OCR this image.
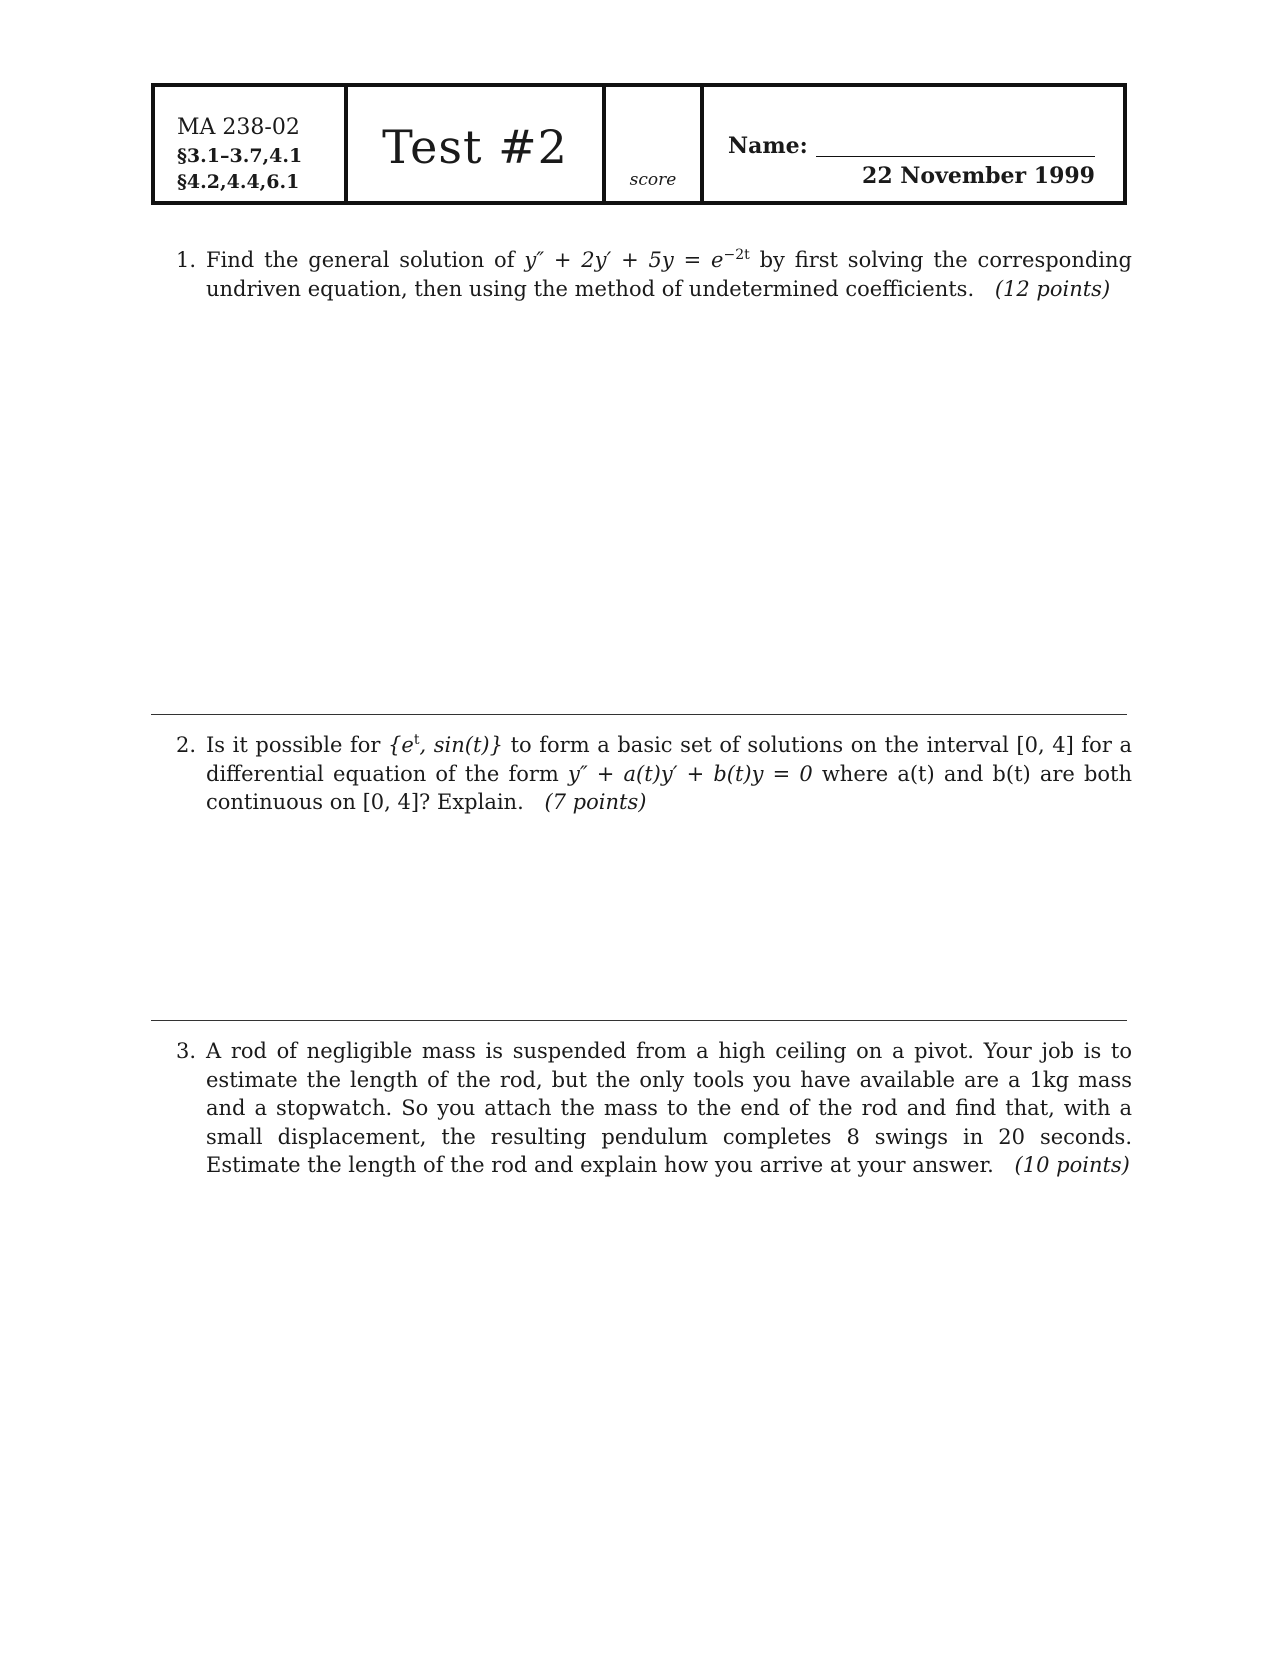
MA 238-02
§3.1–3.7,4.1
§4.2,4.4,6.1
Test #2
score
Name:
22 November 1999
1. Find the general solution of $y'' + 2y' + 5y = e^{-2t}$ by first solving the corresponding undriven equation, then using the method of undetermined coefficients. (12 points)
2. Is it possible for {$e^t$, sin(t)} to form a basic set of solutions on the interval [0, 4] for a differential equation of the form y″ + a(t)y′ + b(t)y = 0 where a(t) and b(t) are both continuous on [0, 4]? Explain. (7 points)
3. A rod of negligible mass is suspended from a high ceiling on a pivot. Your job is to estimate the length of the rod, but the only tools you have available are a 1kg mass and a stopwatch. So you attach the mass to the end of the rod and find that, with a small displacement, the resulting pendulum completes 8 swings in 20 seconds. Estimate the length of the rod and explain how you arrive at your answer. (10 points)
